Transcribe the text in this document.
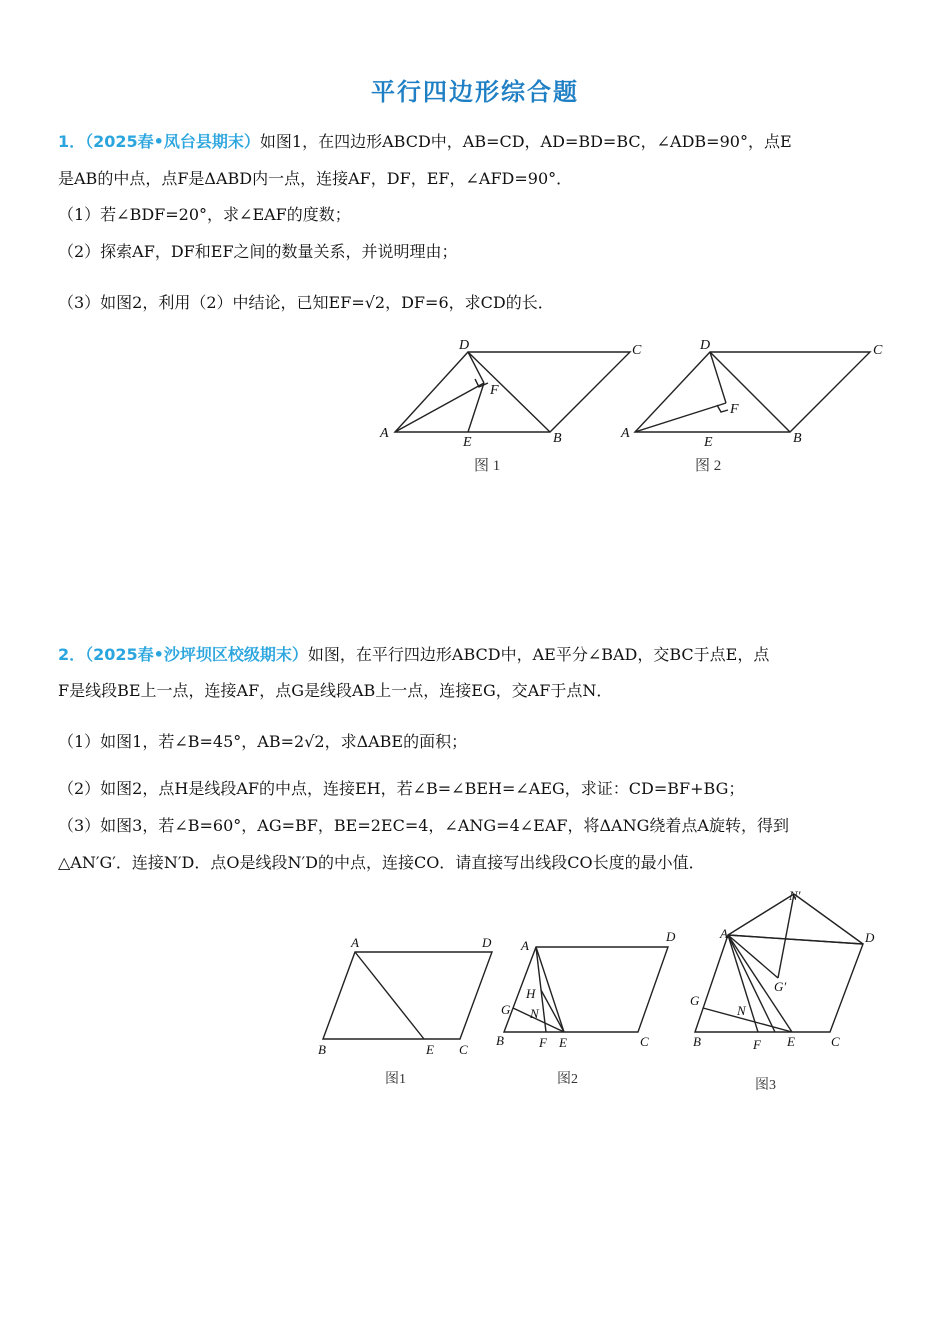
平行四边形综合题
1．（2025春•凤台县期末）如图1，在四边形ABCD中，AB=CD，AD=BD=BC，∠ADB=90°，点E
是AB的中点，点F是ΔABD内一点，连接AF，DF，EF，∠AFD=90°．
（1）若∠BDF=20°，求∠EAF的度数；
（2）探索AF，DF和EF之间的数量关系，并说明理由；
（3）如图2，利用（2）中结论，已知EF=√2，DF=6，求CD的长．
A
D	C
B
E
F
图 1
A
D	C
B
E
F
图 2
2．（2025春•沙坪坝区校级期末）如图，在平行四边形ABCD中，AE平分∠BAD，交BC于点E，点
F是线段BE上一点，连接AF，点G是线段AB上一点，连接EG，交AF于点N．
（1）如图1，若∠B=45°，AB=2√2，求ΔABE的面积；
（2）如图2，点H是线段AF的中点，连接EH，若∠B=∠BEH=∠AEG，求证：CD=BF+BG；
（3）如图3，若∠B=60°，AG=BF，BE=2EC=4，∠ANG=4∠EAF，将ΔANG绕着点A旋转，得到
△AN′G′．连接N′D．点O是线段N′D的中点，连接CO．请直接写出线段CO长度的最小值．
A	D
B	E C
图1
A
D
H
G N
B	F E	C
图2
A
N′
D
G′
G
N
B	F E	C
图3
